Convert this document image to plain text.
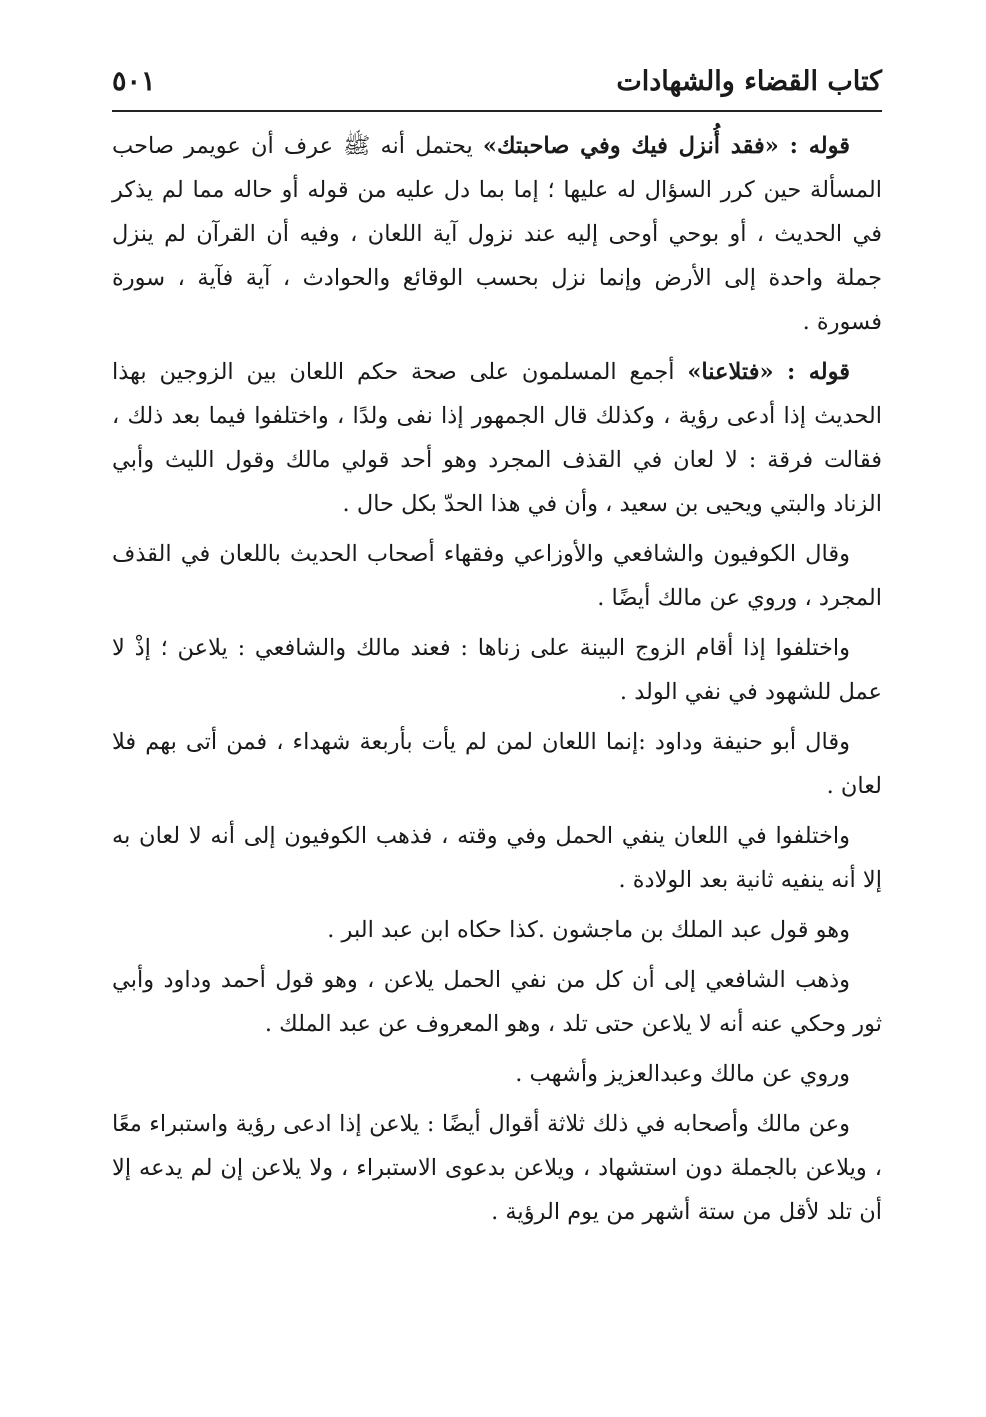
كتاب القضاء والشهادات
٥٠١

قوله : «فقد أُنزل فيك وفي صاحبتك» يحتمل أنه ﷺ عرف أن عويمر صاحب المسألة حين كرر السؤال له عليها ؛ إما بما دل عليه من قوله أو حاله مما لم يذكر في الحديث ، أو بوحي أوحى إليه عند نزول آية اللعان ، وفيه أن القرآن لم ينزل جملة واحدة إلى الأرض وإنما نزل بحسب الوقائع والحوادث ، آية فآية ، سورة فسورة .

قوله : «فتلاعنا» أجمع المسلمون على صحة حكم اللعان بين الزوجين بهذا الحديث إذا أدعى رؤية ، وكذلك قال الجمهور إذا نفى ولدًا ، واختلفوا فيما بعد ذلك ، فقالت فرقة : لا لعان في القذف المجرد وهو أحد قولي مالك وقول الليث وأبي الزناد والبتي ويحيى بن سعيد ، وأن في هذا الحدّ بكل حال .

وقال الكوفيون والشافعي والأوزاعي وفقهاء أصحاب الحديث باللعان في القذف المجرد ، وروي عن مالك أيضًا .

واختلفوا إذا أقام الزوج البينة على زناها : فعند مالك والشافعي : يلاعن ؛ إذْ لا عمل للشهود في نفي الولد .

وقال أبو حنيفة وداود :إنما اللعان لمن لم يأت بأربعة شهداء ، فمن أتى بهم فلا لعان .

واختلفوا في اللعان ينفي الحمل وفي وقته ، فذهب الكوفيون إلى أنه لا لعان به إلا أنه ينفيه ثانية بعد الولادة .

وهو قول عبد الملك بن ماجشون .كذا حكاه ابن عبد البر .

وذهب الشافعي إلى أن كل من نفي الحمل يلاعن ، وهو قول أحمد وداود وأبي ثور وحكي عنه أنه لا يلاعن حتى تلد ، وهو المعروف عن عبد الملك .

وروي عن مالك وعبدالعزيز وأشهب .

وعن مالك وأصحابه في ذلك ثلاثة أقوال أيضًا : يلاعن إذا ادعى رؤية واستبراء معًا ، ويلاعن بالجملة دون استشهاد ، ويلاعن بدعوى الاستبراء ، ولا يلاعن إن لم يدعه إلا أن تلد لأقل من ستة أشهر من يوم الرؤية .
